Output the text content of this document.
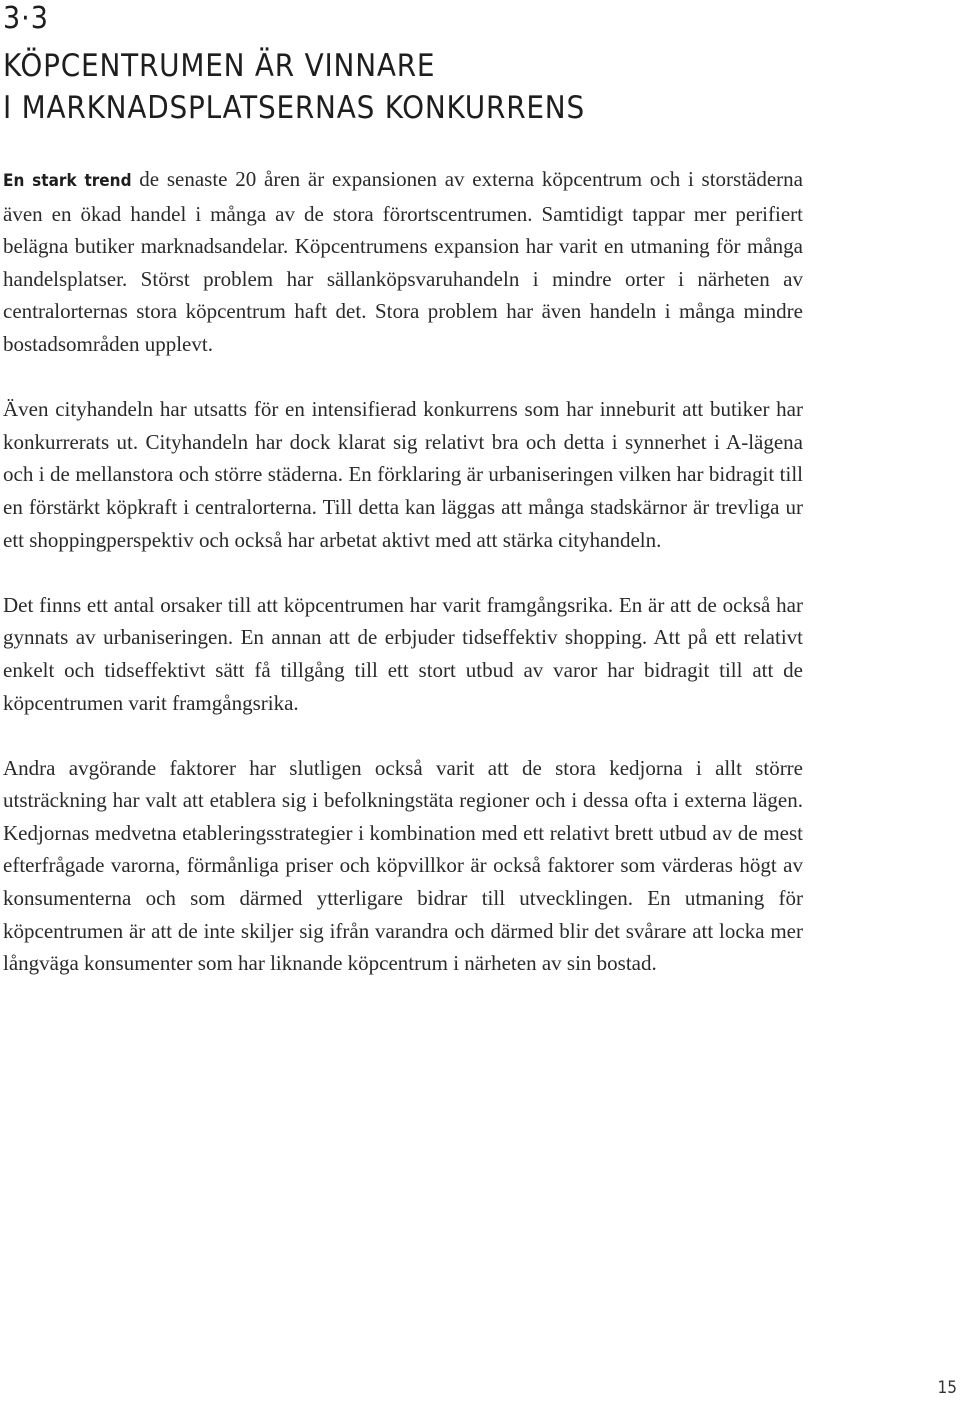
3·3
KÖPCENTRUMEN ÄR VINNARE
I MARKNADSPLATSERNAS KONKURRENS

En stark trend de senaste 20 åren är expansionen av externa köpcentrum och i storstäderna även en ökad handel i många av de stora förortscentrumen. Samtidigt tappar mer perifiert belägna butiker marknadsandelar. Köpcentrumens expansion har varit en utmaning för många handelsplatser. Störst problem har sällanköpsvaruhandeln i mindre orter i närheten av centralorternas stora köpcentrum haft det. Stora problem har även handeln i många mindre bostadsområden upplevt.

Även cityhandeln har utsatts för en intensifierad konkurrens som har inneburit att butiker har konkurrerats ut. Cityhandeln har dock klarat sig relativt bra och detta i synnerhet i A-lägena och i de mellanstora och större städerna. En förklaring är urbaniseringen vilken har bidragit till en förstärkt köpkraft i centralorterna. Till detta kan läggas att många stadskärnor är trevliga ur ett shoppingperspektiv och också har arbetat aktivt med att stärka cityhandeln.

Det finns ett antal orsaker till att köpcentrumen har varit framgångsrika. En är att de också har gynnats av urbaniseringen. En annan att de erbjuder tidseffektiv shopping. Att på ett relativt enkelt och tidseffektivt sätt få tillgång till ett stort utbud av varor har bidragit till att de köpcentrumen varit framgångsrika.

Andra avgörande faktorer har slutligen också varit att de stora kedjorna i allt större utsträckning har valt att etablera sig i befolkningstäta regioner och i dessa ofta i externa lägen. Kedjornas medvetna etableringsstrategier i kombination med ett relativt brett utbud av de mest efterfrågade varorna, förmånliga priser och köpvillkor är också faktorer som värderas högt av konsumenterna och som därmed ytterligare bidrar till utvecklingen. En utmaning för köpcentrumen är att de inte skiljer sig ifrån varandra och därmed blir det svårare att locka mer långväga konsumenter som har liknande köpcentrum i närheten av sin bostad.

15
